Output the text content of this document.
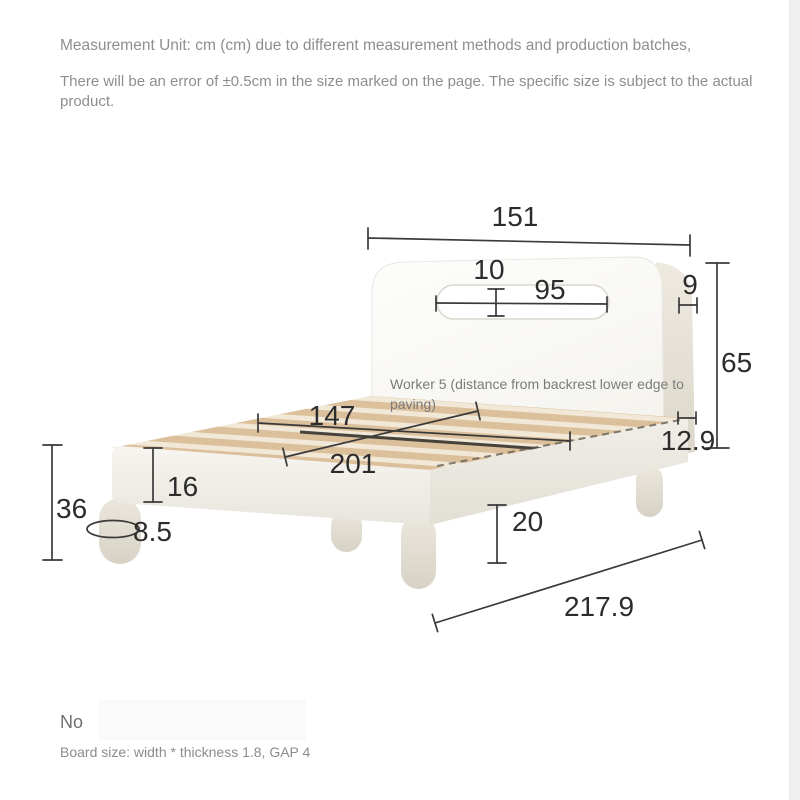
Measurement Unit: cm (cm) due to different measurement methods and production batches,
There will be an error of ±0.5cm in the size marked on the page. The specific size is subject to the actual product.
151
10
95	9
65
12.9
147
201
16
36
8.5	20
217.9
Worker 5 (distance from backrest lower edge to paving)
No
Board size: width * thickness 1.8, GAP 4
